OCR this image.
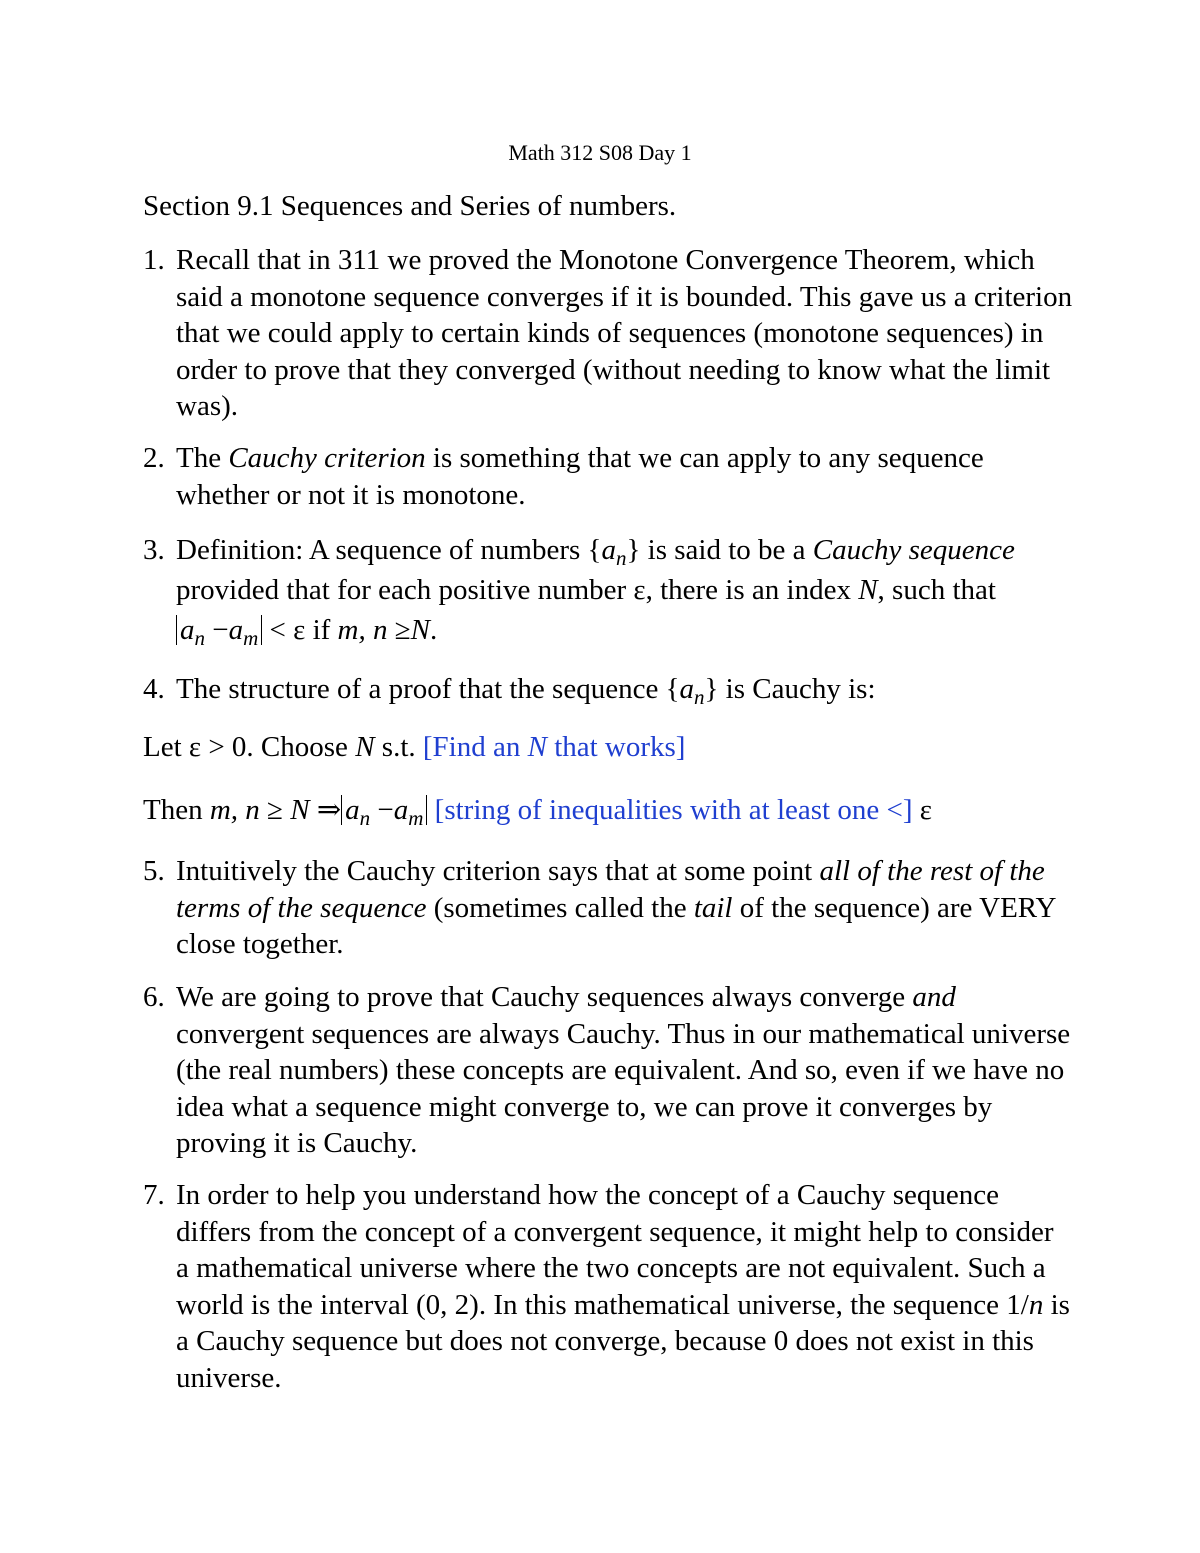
Math 312 S08 Day 1
Section 9.1 Sequences and Series of numbers.
1. Recall that in 311 we proved the Monotone Convergence Theorem, which said a monotone sequence converges if it is bounded. This gave us a criterion that we could apply to certain kinds of sequences (monotone sequences) in order to prove that they converged (without needing to know what the limit was).
2. The Cauchy criterion is something that we can apply to any sequence whether or not it is monotone.
3. Definition: A sequence of numbers $\{a_n\}$ is said to be a Cauchy sequence provided that for each positive number ε, there is an index N, such that $a_n -a_m < \varepsilon$ if m, n ≥N.
4. The structure of a proof that the sequence $\{a_n\}$ is Cauchy is:
Let ε > 0. Choose N s.t. [Find an N that works]
Then m, n ≥ N ⇒ $a_n -a_m$ [string of inequalities with at least one <] ε
5. Intuitively the Cauchy criterion says that at some point all of the rest of the terms of the sequence (sometimes called the tail of the sequence) are VERY close together.
6. We are going to prove that Cauchy sequences always converge and convergent sequences are always Cauchy. Thus in our mathematical universe (the real numbers) these concepts are equivalent. And so, even if we have no idea what a sequence might converge to, we can prove it converges by proving it is Cauchy.
7. In order to help you understand how the concept of a Cauchy sequence differs from the concept of a convergent sequence, it might help to consider a mathematical universe where the two concepts are not equivalent. Such a world is the interval (0, 2). In this mathematical universe, the sequence 1/n is a Cauchy sequence but does not converge, because 0 does not exist in this universe.
